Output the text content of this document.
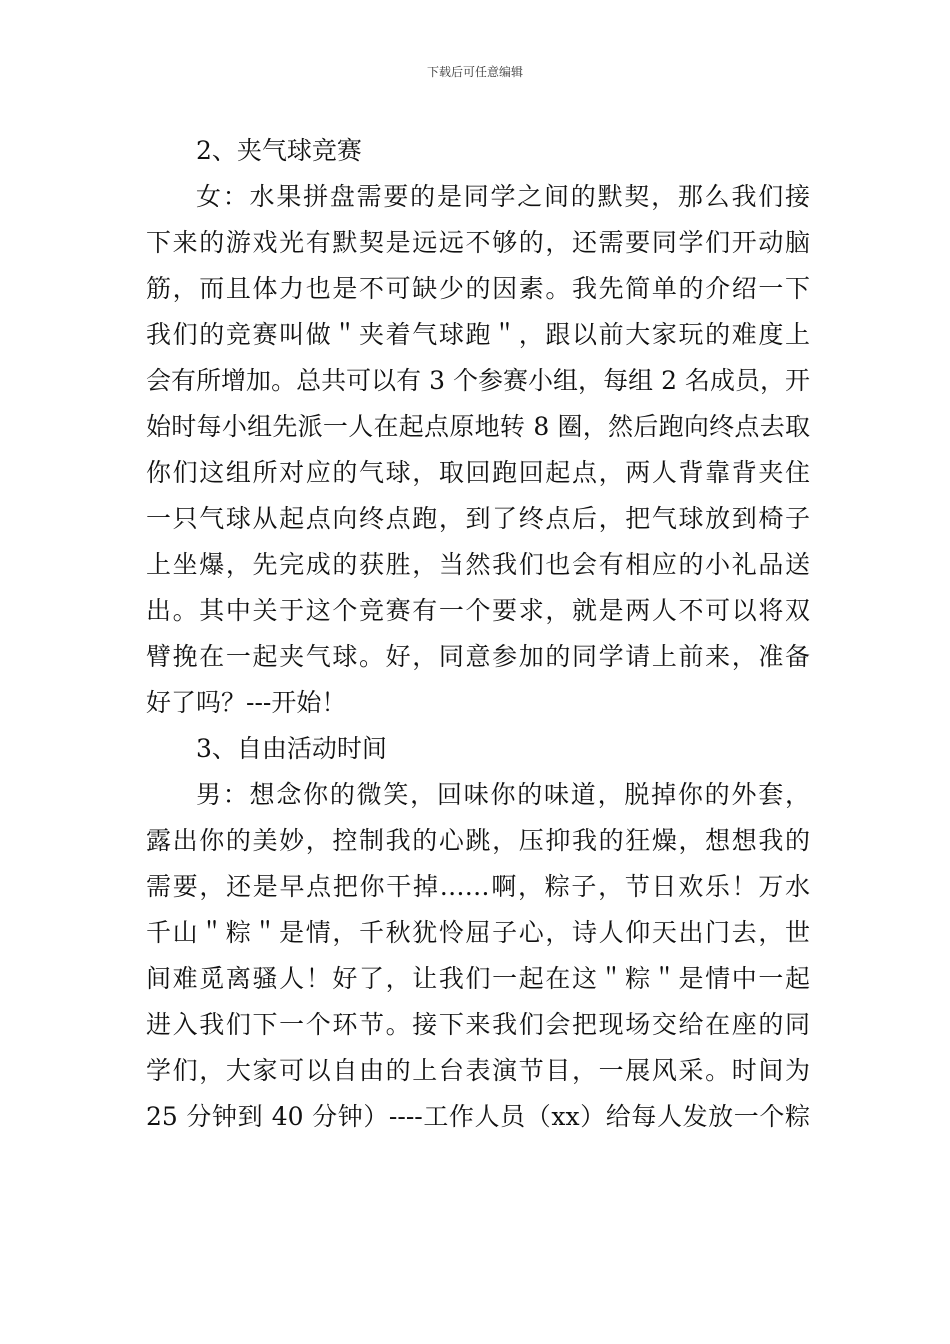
下载后可任意编辑
2、夹气球竞赛
女：水果拼盘需要的是同学之间的默契，那么我们接
下来的游戏光有默契是远远不够的，还需要同学们开动脑
筋，而且体力也是不可缺少的因素。我先简单的介绍一下
我们的竞赛叫做＂夹着气球跑＂，跟以前大家玩的难度上
会有所增加。总共可以有 3 个参赛小组，每组 2 名成员，开
始时每小组先派一人在起点原地转 8 圈，然后跑向终点去取
你们这组所对应的气球，取回跑回起点，两人背靠背夹住
一只气球从起点向终点跑，到了终点后，把气球放到椅子
上坐爆，先完成的获胜，当然我们也会有相应的小礼品送
出。其中关于这个竞赛有一个要求，就是两人不可以将双
臂挽在一起夹气球。好，同意参加的同学请上前来，准备
好了吗？---开始！
3、自由活动时间
男：想念你的微笑，回味你的味道，脱掉你的外套，
露出你的美妙，控制我的心跳，压抑我的狂燥，想想我的
需要，还是早点把你干掉……啊，粽子，节日欢乐！万水
千山＂粽＂是情，千秋犹怜屈子心，诗人仰天出门去，世
间难觅离骚人！好了，让我们一起在这＂粽＂是情中一起
进入我们下一个环节。接下来我们会把现场交给在座的同
学们，大家可以自由的上台表演节目，一展风采。时间为
25 分钟到 40 分钟）----工作人员（xx）给每人发放一个粽
